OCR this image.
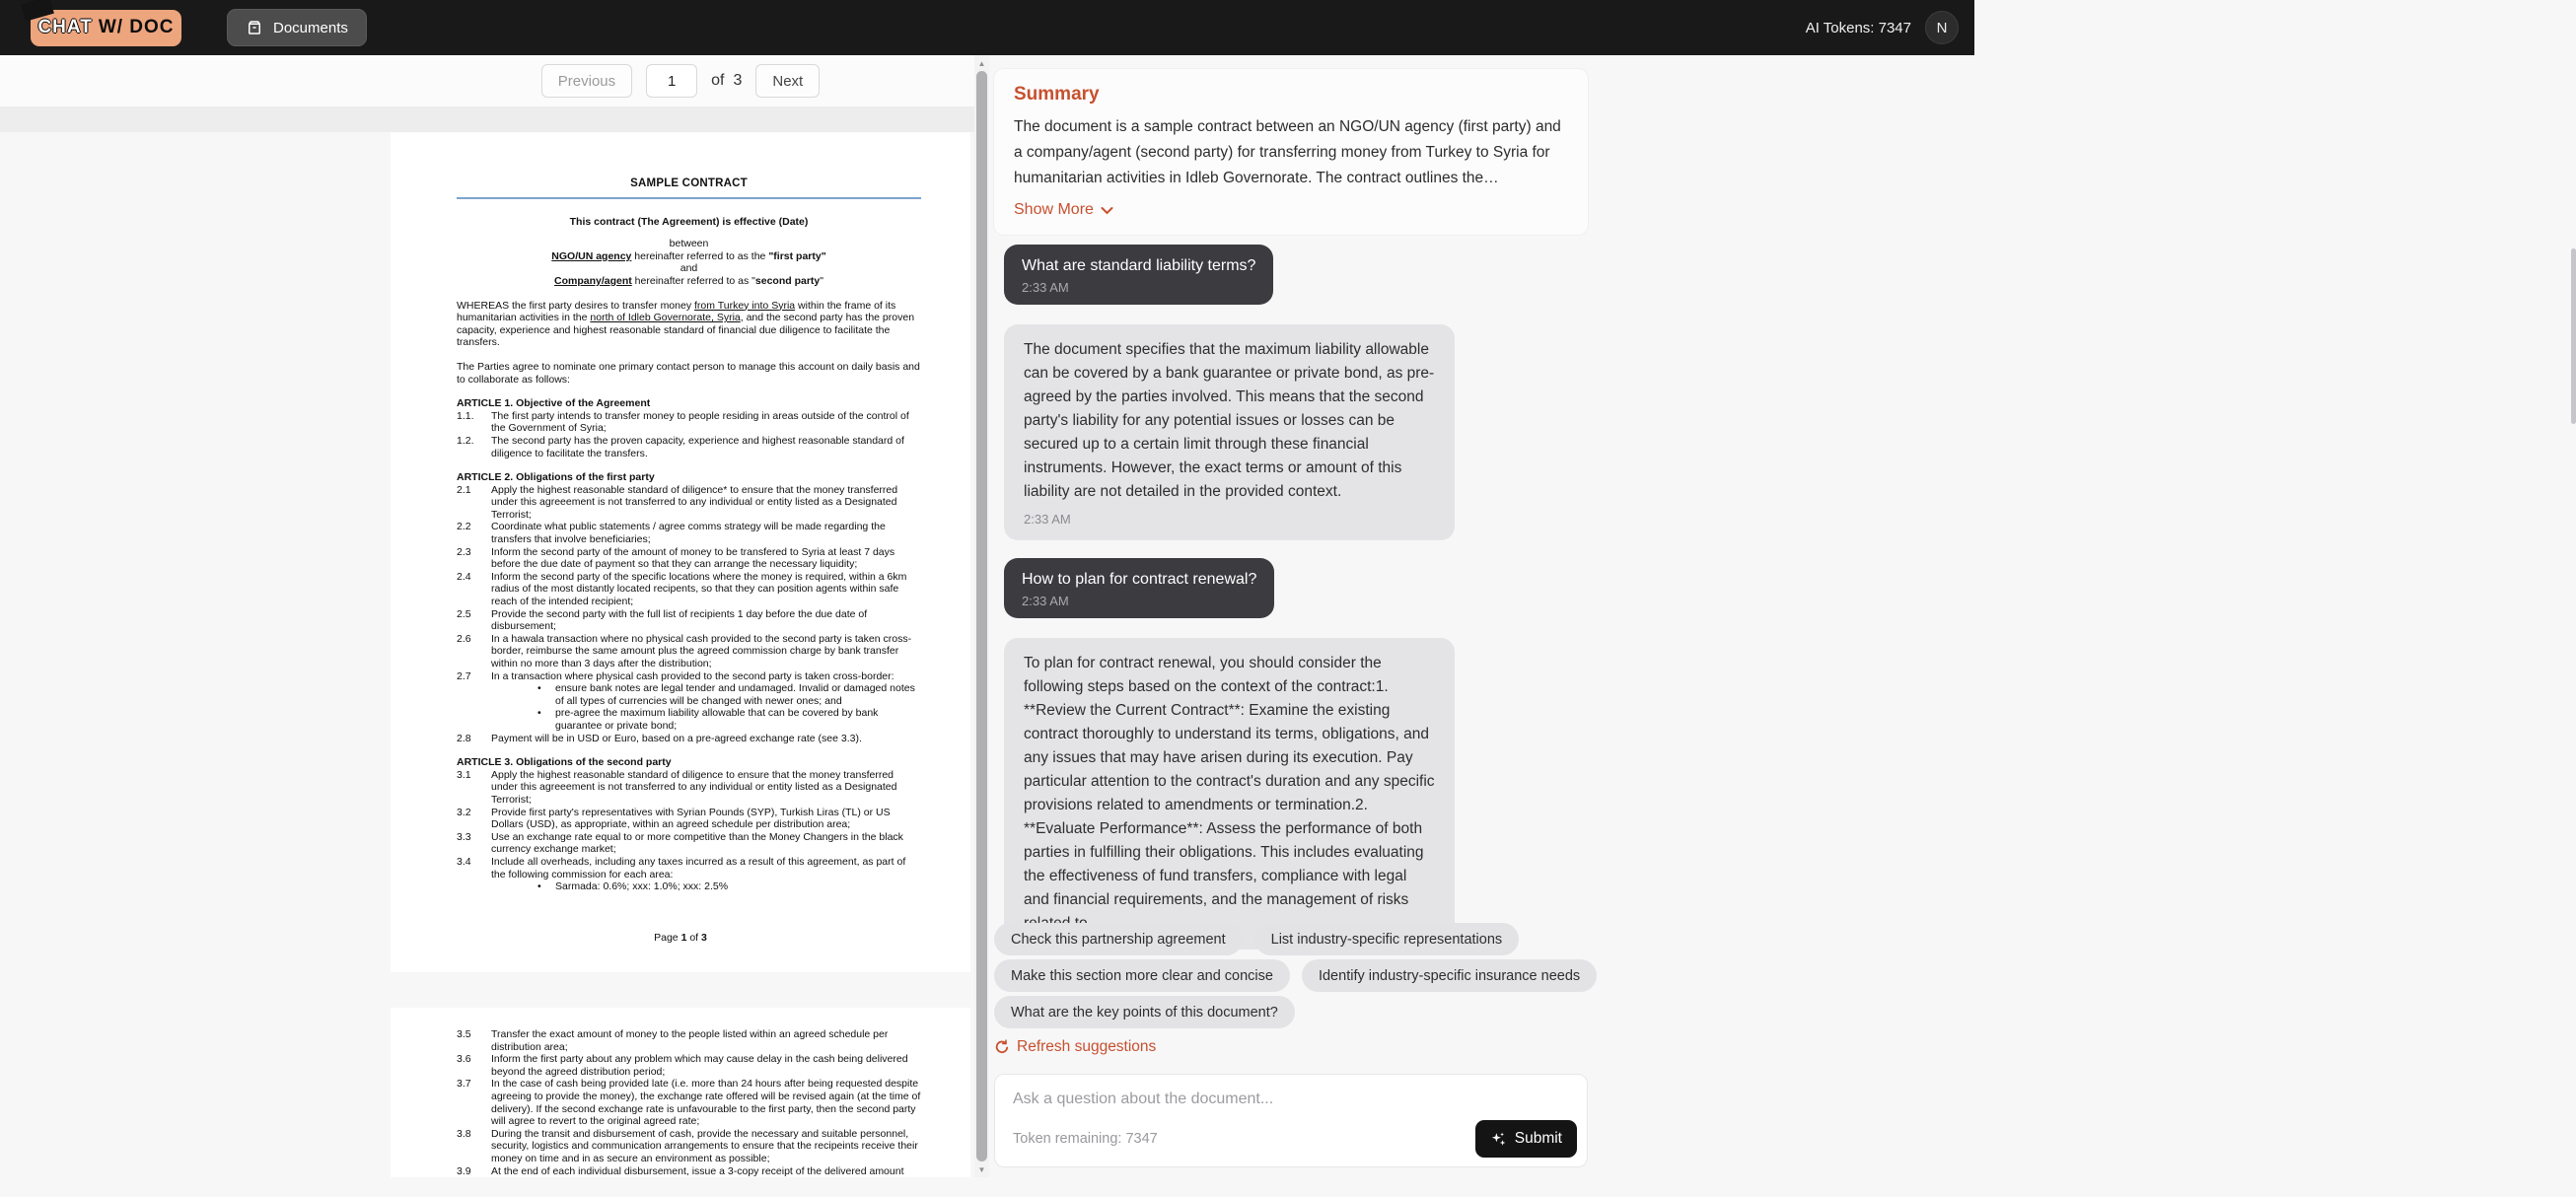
CHAT W/ DOC	Documents	AI Tokens: 7347	N
Previous
1	of 3	Next
SAMPLE CONTRACT
This contract (The Agreement) is effective (Date)
between
NGO/UN agency hereinafter referred to as the "first party"
and
Company/agent hereinafter referred to as "second party"
WHEREAS the first party desires to transfer money from Turkey into Syria within the frame of its humanitarian activities in the north of Idleb Governorate, Syria, and the second party has the proven capacity, experience and highest reasonable standard of financial due diligence to facilitate the transfers.
The Parties agree to nominate one primary contact person to manage this account on daily basis and to collaborate as follows:
ARTICLE 1. Objective of the Agreement
1.1.	The first party intends to transfer money to people residing in areas outside of the control of the Government of Syria;
1.2.	The second party has the proven capacity, experience and highest reasonable standard of diligence to facilitate the transfers.
ARTICLE 2. Obligations of the first party
2.1	Apply the highest reasonable standard of diligence* to ensure that the money transferred under this agreeement is not transferred to any individual or entity listed as a Designated Terrorist;
2.2	Coordinate what public statements / agree comms strategy will be made regarding the transfers that involve beneficiaries;
2.3	Inform the second party of the amount of money to be transfered to Syria at least 7 days before the due date of payment so that they can arrange the necessary liquidity;
2.4	Inform the second party of the specific locations where the money is required, within a 6km radius of the most distantly located recipents, so that they can position agents within safe reach of the intended recipient;
2.5	Provide the second party with the full list of recipients 1 day before the due date of disbursement;
2.6	In a hawala transaction where no physical cash provided to the second party is taken cross-border, reimburse the same amount plus the agreed commission charge by bank transfer within no more than 3 days after the distribution;
2.7	In a transaction where physical cash provided to the second party is taken cross-border:
•	ensure bank notes are legal tender and undamaged. Invalid or damaged notes of all types of currencies will be changed with newer ones; and
•	pre-agree the maximum liability allowable that can be covered by bank guarantee or private bond;
2.8	Payment will be in USD or Euro, based on a pre-agreed exchange rate (see 3.3).
ARTICLE 3. Obligations of the second party
3.1	Apply the highest reasonable standard of diligence to ensure that the money transferred under this agreeement is not transferred to any individual or entity listed as a Designated Terrorist;
3.2	Provide first party's representatives with Syrian Pounds (SYP), Turkish Liras (TL) or US Dollars (USD), as appropriate, within an agreed schedule per distribution area;
3.3	Use an exchange rate equal to or more competitive than the Money Changers in the black currency exchange market;
3.4	Include all overheads, including any taxes incurred as a result of this agreement, as part of the following commission for each area:
•	Sarmada: 0.6%; xxx: 1.0%; xxx: 2.5%
Page 1 of 3
3.5	Transfer the exact amount of money to the people listed within an agreed schedule per distribution area;
3.6	Inform the first party about any problem which may cause delay in the cash being delivered beyond the agreed distribution period;
3.7	In the case of cash being provided late (i.e. more than 24 hours after being requested despite agreeing to provide the money), the exchange rate offered will be revised again (at the time of delivery). If the second exchange rate is unfavourable to the first party, then the second party will agree to revert to the original agreed rate;
3.8	During the transit and disbursement of cash, provide the necessary and suitable personnel, security, logistics and communication arrangements to ensure that the recipeints receive their money on time and in as secure an environment as possible;
3.9	At the end of each individual disbursement, issue a 3-copy receipt of the delivered amount
▲
▼
Summary
The document is a sample contract between an NGO/UN agency (first party) and a company/agent (second party) for transferring money from Turkey to Syria for humanitarian activities in Idleb Governorate. The contract outlines the…
Show More
What are standard liability terms?
2:33 AM
The document specifies that the maximum liability allowable can be covered by a bank guarantee or private bond, as pre-agreed by the parties involved. This means that the second party's liability for any potential issues or losses can be secured up to a certain limit through these financial instruments. However, the exact terms or amount of this liability are not detailed in the provided context.
2:33 AM
How to plan for contract renewal?
2:33 AM
To plan for contract renewal, you should consider the following steps based on the context of the contract:1. **Review the Current Contract**: Examine the existing contract thoroughly to understand its terms, obligations, and any issues that may have arisen during its execution. Pay particular attention to the contract's duration and any specific provisions related to amendments or termination.2. **Evaluate Performance**: Assess the performance of both parties in fulfilling their obligations. This includes evaluating the effectiveness of fund transfers, compliance with legal and financial requirements, and the management of risks
Check this partnership agreement	List industry-specific representations
Make this section more clear and concise	Identify industry-specific insurance needs
What are the key points of this document?
Refresh suggestions
Ask a question about the document...
Token remaining: 7347	Submit
